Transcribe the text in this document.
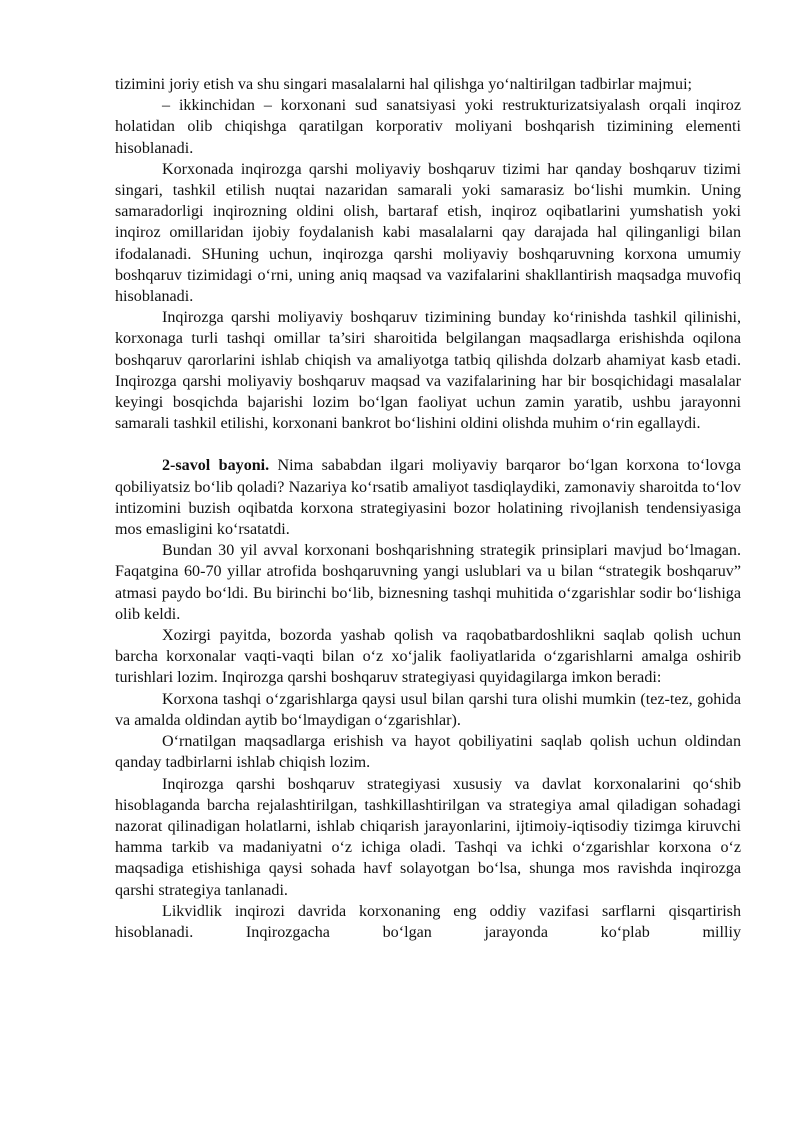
tizimini joriy etish va shu singari masalalarni hal qilishga yo‘naltirilgan tadbirlar majmui;

– ikkinchidan – korxonani sud sanatsiyasi yoki restrukturizatsiyalash orqali inqiroz holatidan olib chiqishga qaratilgan korporativ moliyani boshqarish tizimining elementi hisoblanadi.

Korxonada inqirozga qarshi moliyaviy boshqaruv tizimi har qanday boshqaruv tizimi singari, tashkil etilish nuqtai nazaridan samarali yoki samarasiz bo‘lishi mumkin. Uning samaradorligi inqirozning oldini olish, bartaraf etish, inqiroz oqibatlarini yumshatish yoki inqiroz omillaridan ijobiy foydalanish kabi masalalarni qay darajada hal qilinganligi bilan ifodalanadi. SHuning uchun, inqirozga qarshi moliyaviy boshqaruvning korxona umumiy boshqaruv tizimidagi o‘rni, uning aniq maqsad va vazifalarini shakllantirish maqsadga muvofiq hisoblanadi.

Inqirozga qarshi moliyaviy boshqaruv tizimining bunday ko‘rinishda tashkil qilinishi, korxonaga turli tashqi omillar ta’siri sharoitida belgilangan maqsadlarga erishishda oqilona boshqaruv qarorlarini ishlab chiqish va amaliyotga tatbiq qilishda dolzarb ahamiyat kasb etadi. Inqirozga qarshi moliyaviy boshqaruv maqsad va vazifalarining har bir bosqichidagi masalalar keyingi bosqichda bajarishi lozim bo‘lgan faoliyat uchun zamin yaratib, ushbu jarayonni samarali tashkil etilishi, korxonani bankrot bo‘lishini oldini olishda muhim o‘rin egallaydi.

2-savol bayoni. Nima sababdan ilgari moliyaviy barqaror bo‘lgan korxona to‘lovga qobiliyatsiz bo‘lib qoladi? Nazariya ko‘rsatib amaliyot tasdiqlaydiki, zamonaviy sharoitda to‘lov intizomini buzish oqibatda korxona strategiyasini bozor holatining rivojlanish tendensiyasiga mos emasligini ko‘rsatatdi.

Bundan 30 yil avval korxonani boshqarishning strategik prinsiplari mavjud bo‘lmagan. Faqatgina 60-70 yillar atrofida boshqaruvning yangi uslublari va u bilan “strategik boshqaruv” atmasi paydo bo‘ldi. Bu birinchi bo‘lib, biznesning tashqi muhitida o‘zgarishlar sodir bo‘lishiga olib keldi.

Xozirgi payitda, bozorda yashab qolish va raqobatbardoshlikni saqlab qolish uchun barcha korxonalar vaqti-vaqti bilan o‘z xo‘jalik faoliyatlarida o‘zgarishlarni amalga oshirib turishlari lozim. Inqirozga qarshi boshqaruv strategiyasi quyidagilarga imkon beradi:

Korxona tashqi o‘zgarishlarga qaysi usul bilan qarshi tura olishi mumkin (tez-tez, gohida va amalda oldindan aytib bo‘lmaydigan o‘zgarishlar).

O‘rnatilgan maqsadlarga erishish va hayot qobiliyatini saqlab qolish uchun oldindan qanday tadbirlarni ishlab chiqish lozim.

Inqirozga qarshi boshqaruv strategiyasi xususiy va davlat korxonalarini qo‘shib hisoblaganda barcha rejalashtirilgan, tashkillashtirilgan va strategiya amal qiladigan sohadagi nazorat qilinadigan holatlarni, ishlab chiqarish jarayonlarini, ijtimoiy-iqtisodiy tizimga kiruvchi hamma tarkib va madaniyatni o‘z ichiga oladi. Tashqi va ichki o‘zgarishlar korxona o‘z maqsadiga etishishiga qaysi sohada havf solayotgan bo‘lsa, shunga mos ravishda inqirozga qarshi strategiya tanlanadi.

Likvidlik inqirozi davrida korxonaning eng oddiy vazifasi sarflarni qisqartirish hisoblanadi. Inqirozgacha bo‘lgan jarayonda ko‘plab milliy
